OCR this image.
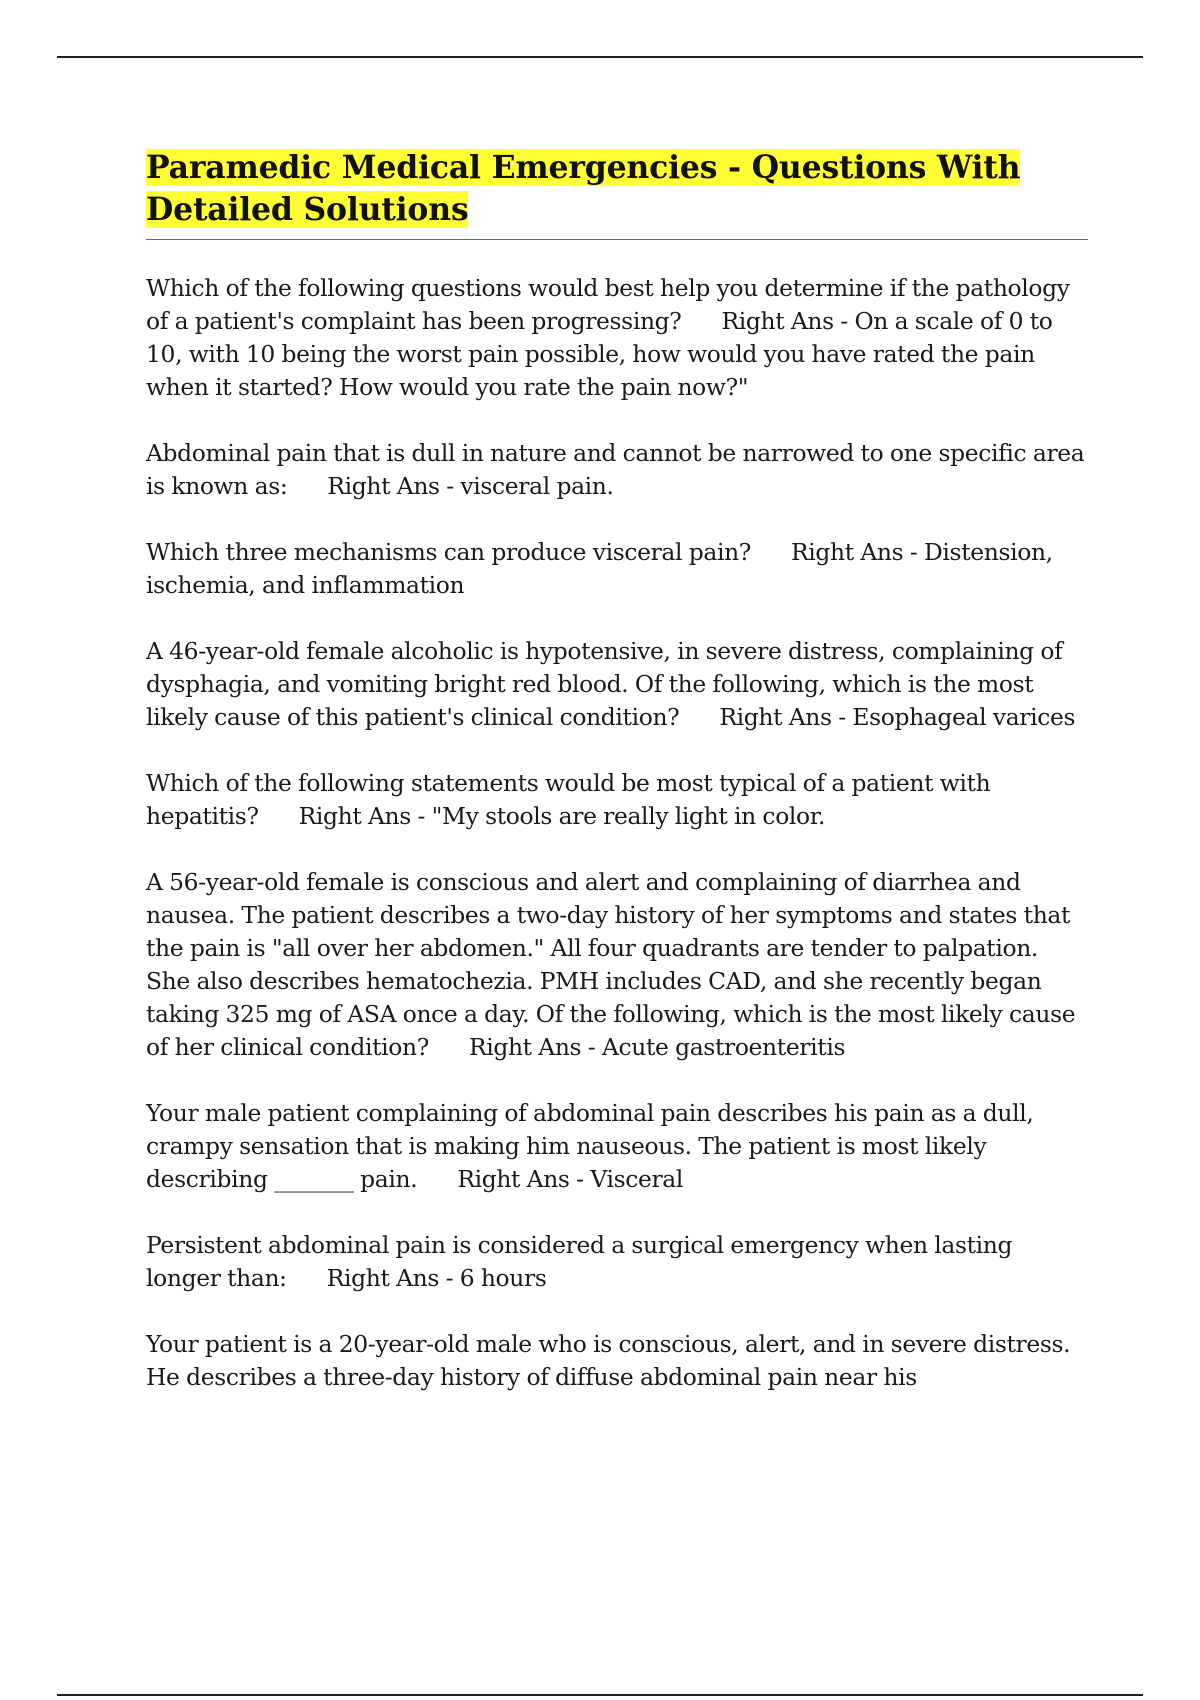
Paramedic Medical Emergencies - Questions With Detailed Solutions

Which of the following questions would best help you determine if the pathology of a patient's complaint has been progressing? Right Ans - On a scale of 0 to 10, with 10 being the worst pain possible, how would you have rated the pain when it started? How would you rate the pain now?"

Abdominal pain that is dull in nature and cannot be narrowed to one specific area is known as: Right Ans - visceral pain.

Which three mechanisms can produce visceral pain? Right Ans - Distension, ischemia, and inflammation

A 46-year-old female alcoholic is hypotensive, in severe distress, complaining of dysphagia, and vomiting bright red blood. Of the following, which is the most likely cause of this patient's clinical condition? Right Ans - Esophageal varices

Which of the following statements would be most typical of a patient with hepatitis? Right Ans - "My stools are really light in color.

A 56-year-old female is conscious and alert and complaining of diarrhea and nausea. The patient describes a two-day history of her symptoms and states that the pain is "all over her abdomen." All four quadrants are tender to palpation. She also describes hematochezia. PMH includes CAD, and she recently began taking 325 mg of ASA once a day. Of the following, which is the most likely cause of her clinical condition? Right Ans - Acute gastroenteritis

Your male patient complaining of abdominal pain describes his pain as a dull, crampy sensation that is making him nauseous. The patient is most likely describing _______ pain. Right Ans - Visceral

Persistent abdominal pain is considered a surgical emergency when lasting longer than: Right Ans - 6 hours

Your patient is a 20-year-old male who is conscious, alert, and in severe distress. He describes a three-day history of diffuse abdominal pain near his
